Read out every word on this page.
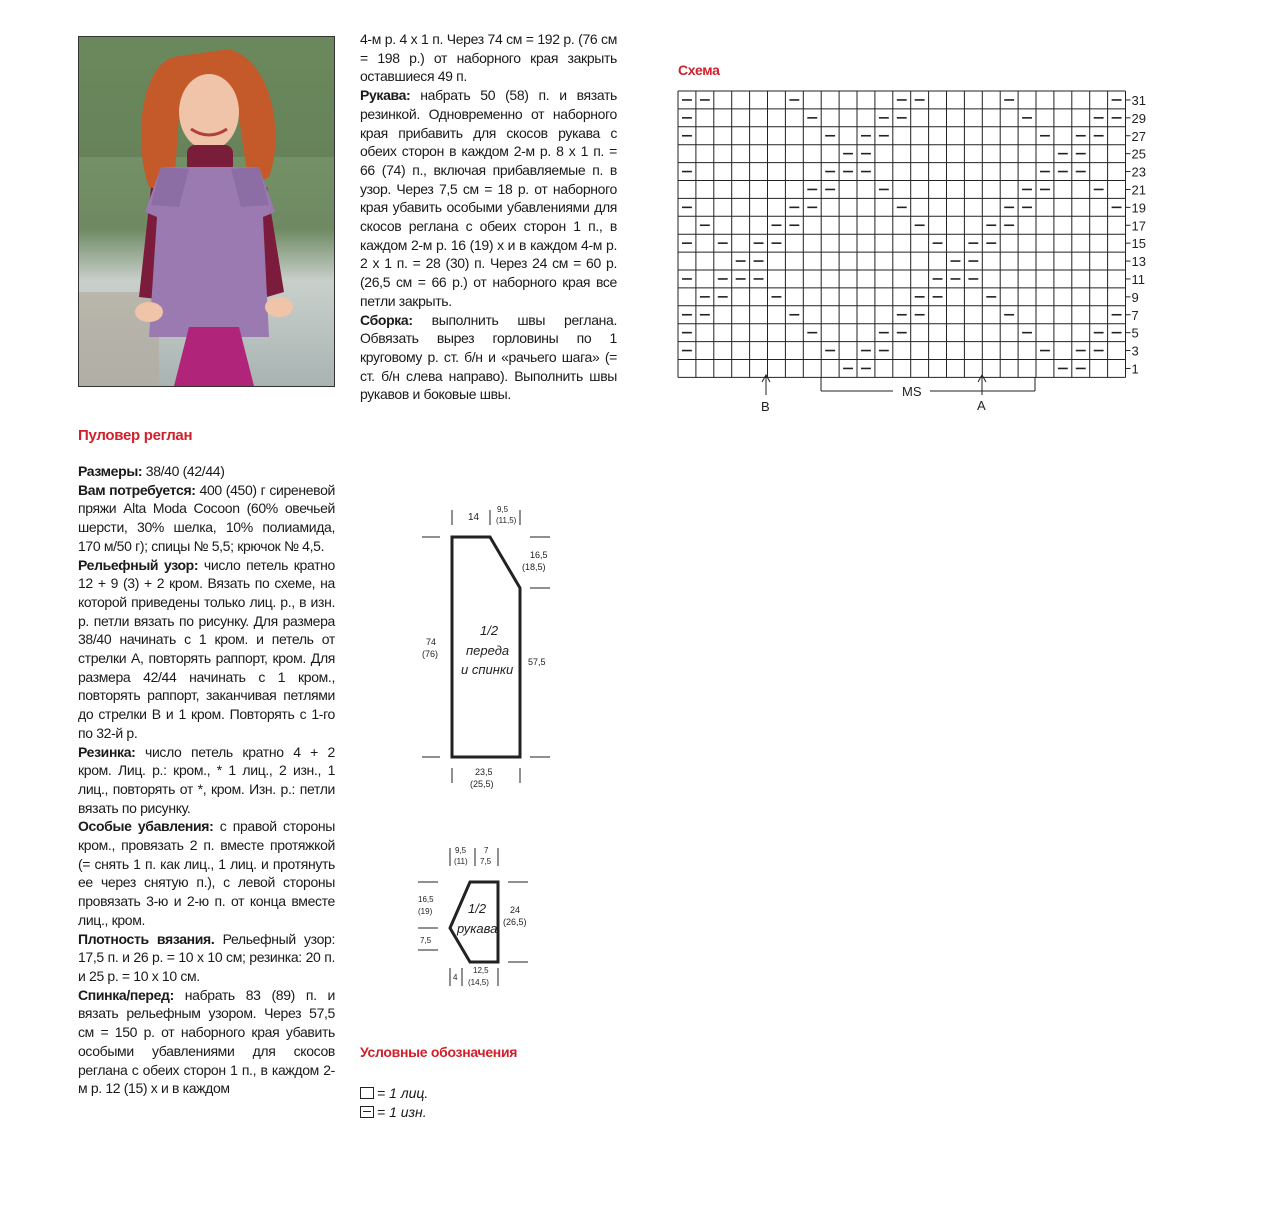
Пуловер реглан

Размеры: 38/40 (42/44)

Вам потребуется: 400 (450) г сиреневой пряжи Alta Moda Cocoon (60% овечьей шерсти, 30% шелка, 10% полиамида, 170 м/50 г); спицы № 5,5; крючок № 4,5.

Рельефный узор: число петель кратно 12 + 9 (3) + 2 кром. Вязать по схеме, на которой приведены только лиц. р., в изн. р. петли вязать по рисунку. Для размера 38/40 начинать с 1 кром. и петель от стрелки А, повторять раппорт, кром. Для размера 42/44 начинать с 1 кром., повторять раппорт, заканчивая петлями до стрелки В и 1 кром. Повторять с 1-го по 32-й р.

Резинка: число петель кратно 4 + 2 кром. Лиц. р.: кром., * 1 лиц., 2 изн., 1 лиц., повторять от *, кром. Изн. р.: петли вязать по рисунку.

Особые убавления: с правой стороны кром., провязать 2 п. вместе протяжкой (= снять 1 п. как лиц., 1 лиц. и протянуть ее через снятую п.), с левой стороны провязать 3-ю и 2-ю п. от конца вместе лиц., кром.

Плотность вязания. Рельефный узор: 17,5 п. и 26 р. = 10 х 10 см; резинка: 20 п. и 25 р. = 10 х 10 см.

Спинка/перед: набрать 83 (89) п. и вязать рельефным узором. Через 57,5 см = 150 р. от наборного края убавить особыми убавлениями для скосов реглана с обеих сторон 1 п., в каждом 2-м р. 12 (15) х и в каждом

4-м р. 4 х 1 п. Через 74 см = 192 р. (76 см = 198 р.) от наборного края закрыть оставшиеся 49 п.

Рукава: набрать 50 (58) п. и вязать резинкой. Одновременно от наборного края прибавить для скосов рукава с обеих сторон в каждом 2-м р. 8 х 1 п. = 66 (74) п., включая прибавляемые п. в узор. Через 7,5 см = 18 р. от наборного края убавить особыми убавлениями для скосов реглана с обеих сторон 1 п., в каждом 2-м р. 16 (19) х и в каждом 4-м р. 2 х 1 п. = 28 (30) п. Через 24 см = 60 р. (26,5 см = 66 р.) от наборного края все петли закрыть.

Сборка: выполнить швы реглана. Обвязать вырез горловины по 1 круговому р. ст. б/н и «рачьего шага» (= ст. б/н слева направо). Выполнить швы рукавов и боковые швы.

14
9,5
(11,5)
16,5
(18,5)
74
(76)
57,5
23,5
(25,5)
1/2
переда
и спинки
9,5
(11)
7
7,5
16,5
(19)
7,5
24
(26,5)
4
12,5
(14,5)
1/2
рукава
Условные обозначения
= 1 лиц.
= 1 изн.
Схема
31
29
27
25
23
21
19
17
15
13
11
9
7
5
3
1
B	A
MS
